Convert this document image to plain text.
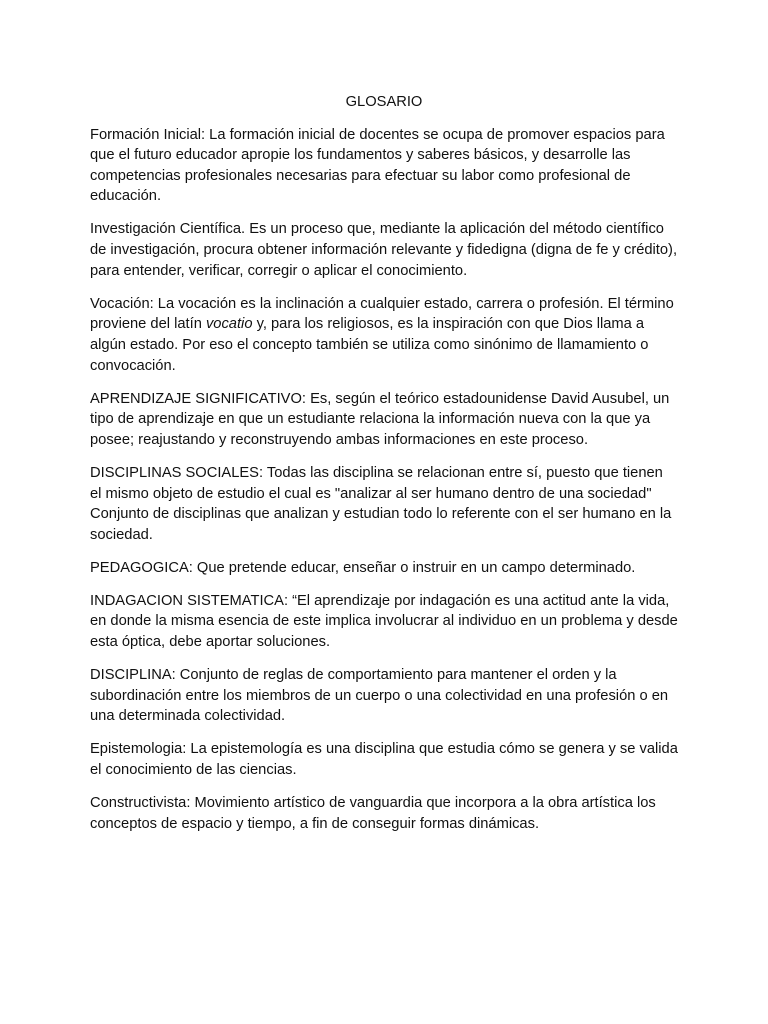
GLOSARIO

Formación Inicial: La formación inicial de docentes se ocupa de promover espacios para que el futuro educador apropie los fundamentos y saberes básicos, y desarrolle las competencias profesionales necesarias para efectuar su labor como profesional de educación.

Investigación Científica. Es un proceso que, mediante la aplicación del método científico de investigación, procura obtener información relevante y fidedigna (digna de fe y crédito), para entender, verificar, corregir o aplicar el conocimiento.

Vocación: La vocación es la inclinación a cualquier estado, carrera o profesión. El término proviene del latín vocatio y, para los religiosos, es la inspiración con que Dios llama a algún estado. Por eso el concepto también se utiliza como sinónimo de llamamiento o convocación.

APRENDIZAJE SIGNIFICATIVO: Es, según el teórico estadounidense David Ausubel, un tipo de aprendizaje en que un estudiante relaciona la información nueva con la que ya posee; reajustando y reconstruyendo ambas informaciones en este proceso.

DISCIPLINAS SOCIALES: Todas las disciplina se relacionan entre sí, puesto que tienen el mismo objeto de estudio el cual es "analizar al ser humano dentro de una sociedad" Conjunto de disciplinas que analizan y estudian todo lo referente con el ser humano en la sociedad.

PEDAGOGICA: Que pretende educar, enseñar o instruir en un campo determinado.

INDAGACION SISTEMATICA: “El aprendizaje por indagación es una actitud ante la vida, en donde la misma esencia de este implica involucrar al individuo en un problema y desde esta óptica, debe aportar soluciones.

DISCIPLINA: Conjunto de reglas de comportamiento para mantener el orden y la subordinación entre los miembros de un cuerpo o una colectividad en una profesión o en una determinada colectividad.

Epistemologia: La epistemología es una disciplina que estudia cómo se genera y se valida el conocimiento de las ciencias.

Constructivista: Movimiento artístico de vanguardia que incorpora a la obra artística los conceptos de espacio y tiempo, a fin de conseguir formas dinámicas.
